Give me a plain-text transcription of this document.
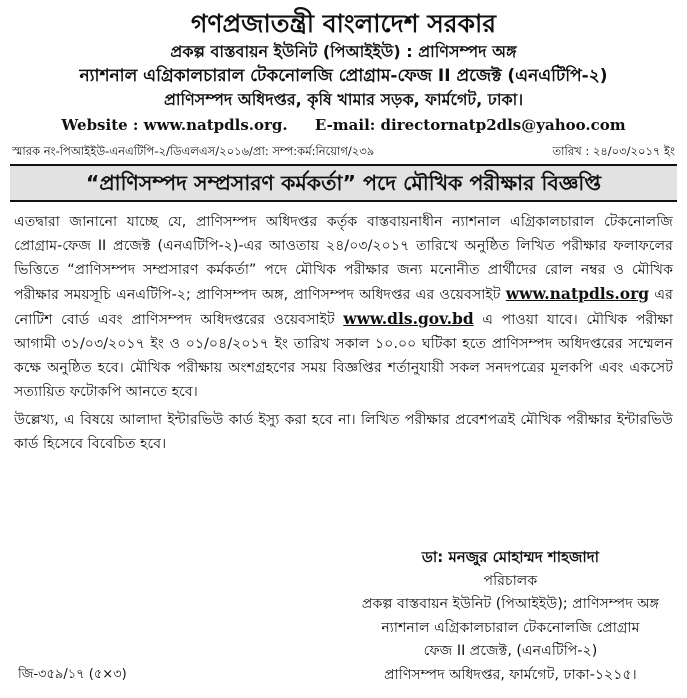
গণপ্রজাতন্ত্রী বাংলাদেশ সরকার
প্রকল্প বাস্তবায়ন ইউনিট (পিআইইউ) : প্রাণিসম্পদ অঙ্গ
ন্যাশনাল এগ্রিকালচারাল টেকনোলজি প্রোগ্রাম-ফেজ II প্রজেক্ট (এনএটিপি-২)
প্রাণিসম্পদ অধিদপ্তর, কৃষি খামার সড়ক, ফার্মগেট, ঢাকা।
Website : www.natpdls.org. E-mail: directornatp2dls@yahoo.com
স্মারক নং-পিআইইউ-এনএটিপি-২/ডিএলএস/২০১৬/প্রা: সম্প:কর্ম:নিয়োগ/২৩৯	তারিখ : ২৪/০৩/২০১৭ ইং
“প্রাণিসম্পদ সম্প্রসারণ কর্মকর্তা” পদে মৌখিক পরীক্ষার বিজ্ঞপ্তি

এতদ্বারা জানানো যাচ্ছে যে, প্রাণিসম্পদ অধিদপ্তর কর্তৃক বাস্তবায়নাধীন ন্যাশনাল এগ্রিকালচারাল টেকনোলজি প্রোগ্রাম-ফেজ II প্রজেক্ট (এনএটিপি-২)-এর আওতায় ২৪/০৩/২০১৭ তারিখে অনুষ্ঠিত লিখিত পরীক্ষার ফলাফলের ভিত্তিতে “প্রাণিসম্পদ সম্প্রসারণ কর্মকর্তা” পদে মৌখিক পরীক্ষার জন্য মনোনীত প্রার্থীদের রোল নম্বর ও মৌখিক পরীক্ষার সময়সূচি এনএটিপি-২; প্রাণিসম্পদ অঙ্গ, প্রাণিসম্পদ অধিদপ্তর এর ওয়েবসাইট www.natpdls.org এর নোটিশ বোর্ড এবং প্রাণিসম্পদ অধিদপ্তরের ওয়েবসাইট www.dls.gov.bd এ পাওয়া যাবে। মৌখিক পরীক্ষা আগামী ৩১/০৩/২০১৭ ইং ও ০১/০৪/২০১৭ ইং তারিখ সকাল ১০.০০ ঘটিকা হতে প্রাণিসম্পদ অধিদপ্তরের সম্মেলন কক্ষে অনুষ্ঠিত হবে। মৌখিক পরীক্ষায় অংশগ্রহণের সময় বিজ্ঞপ্তির শর্তানুযায়ী সকল সনদপত্রের মূলকপি এবং একসেট সত্যায়িত ফটোকপি আনতে হবে।

উল্লেখ্য, এ বিষয়ে আলাদা ইন্টারভিউ কার্ড ইস্যু করা হবে না। লিখিত পরীক্ষার প্রবেশপত্রই মৌখিক পরীক্ষার ইন্টারভিউ কার্ড হিসেবে বিবেচিত হবে।

ডা: মনজুর মোহাম্মদ শাহজাদা
পরিচালক
প্রকল্প বাস্তবায়ন ইউনিট (পিআইইউ); প্রাণিসম্পদ অঙ্গ
ন্যাশনাল এগ্রিকালচারাল টেকনোলজি প্রোগ্রাম
ফেজ II প্রজেক্ট, (এনএটিপি-২)
প্রাণিসম্পদ অধিদপ্তর, ফার্মগেট, ঢাকা-১২১৫।
জি-৩৫৯/১৭ (৫×৩)
